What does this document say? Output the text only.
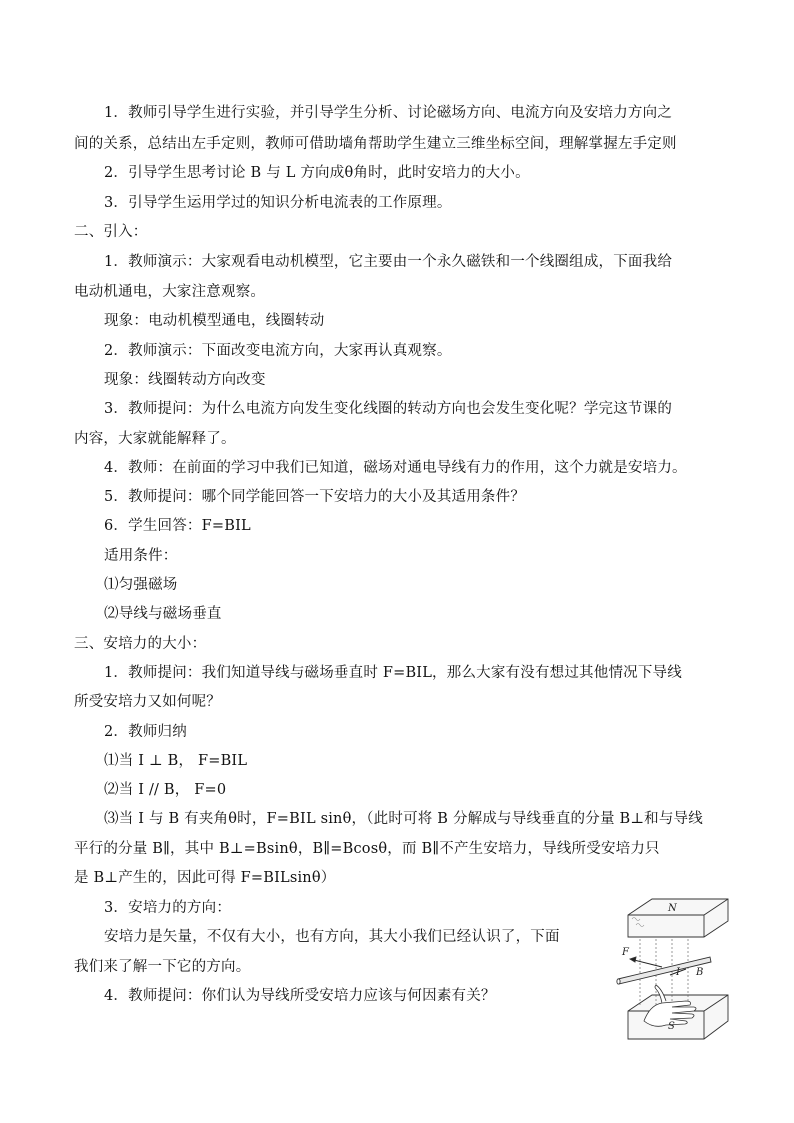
1．教师引导学生进行实验，并引导学生分析、讨论磁场方向、电流方向及安培力方向之
间的关系，总结出左手定则，教师可借助墙角帮助学生建立三维坐标空间，理解掌握左手定则
2．引导学生思考讨论 B 与 L 方向成θ角时，此时安培力的大小。
3．引导学生运用学过的知识分析电流表的工作原理。
二、引入：
1．教师演示：大家观看电动机模型，它主要由一个永久磁铁和一个线圈组成，下面我给
电动机通电，大家注意观察。
现象：电动机模型通电，线圈转动
2．教师演示：下面改变电流方向，大家再认真观察。
现象：线圈转动方向改变
3．教师提问：为什么电流方向发生变化线圈的转动方向也会发生变化呢？学完这节课的
内容，大家就能解释了。
4．教师：在前面的学习中我们已知道，磁场对通电导线有力的作用，这个力就是安培力。
5．教师提问：哪个同学能回答一下安培力的大小及其适用条件？
6．学生回答：F=BIL
适用条件：
⑴匀强磁场
⑵导线与磁场垂直
三、安培力的大小：
1．教师提问：我们知道导线与磁场垂直时 F=BIL，那么大家有没有想过其他情况下导线
所受安培力又如何呢？
2．教师归纳
⑴当 I ⊥ B， F=BIL
⑵当 I // B， F=0
⑶当 I 与 B 有夹角θ时，F=BIL sinθ，（此时可将 B 分解成与导线垂直的分量 B⊥和与导线
平行的分量 B∥，其中 B⊥=Bsinθ，B∥=Bcosθ，而 B∥不产生安培力，导线所受安培力只
是 B⊥产生的，因此可得 F=BILsinθ）
3．安培力的方向：
安培力是矢量，不仅有大小，也有方向，其大小我们已经认识了，下面
我们来了解一下它的方向。
4．教师提问：你们认为导线所受安培力应该与何因素有关？
N
S
F
I B
